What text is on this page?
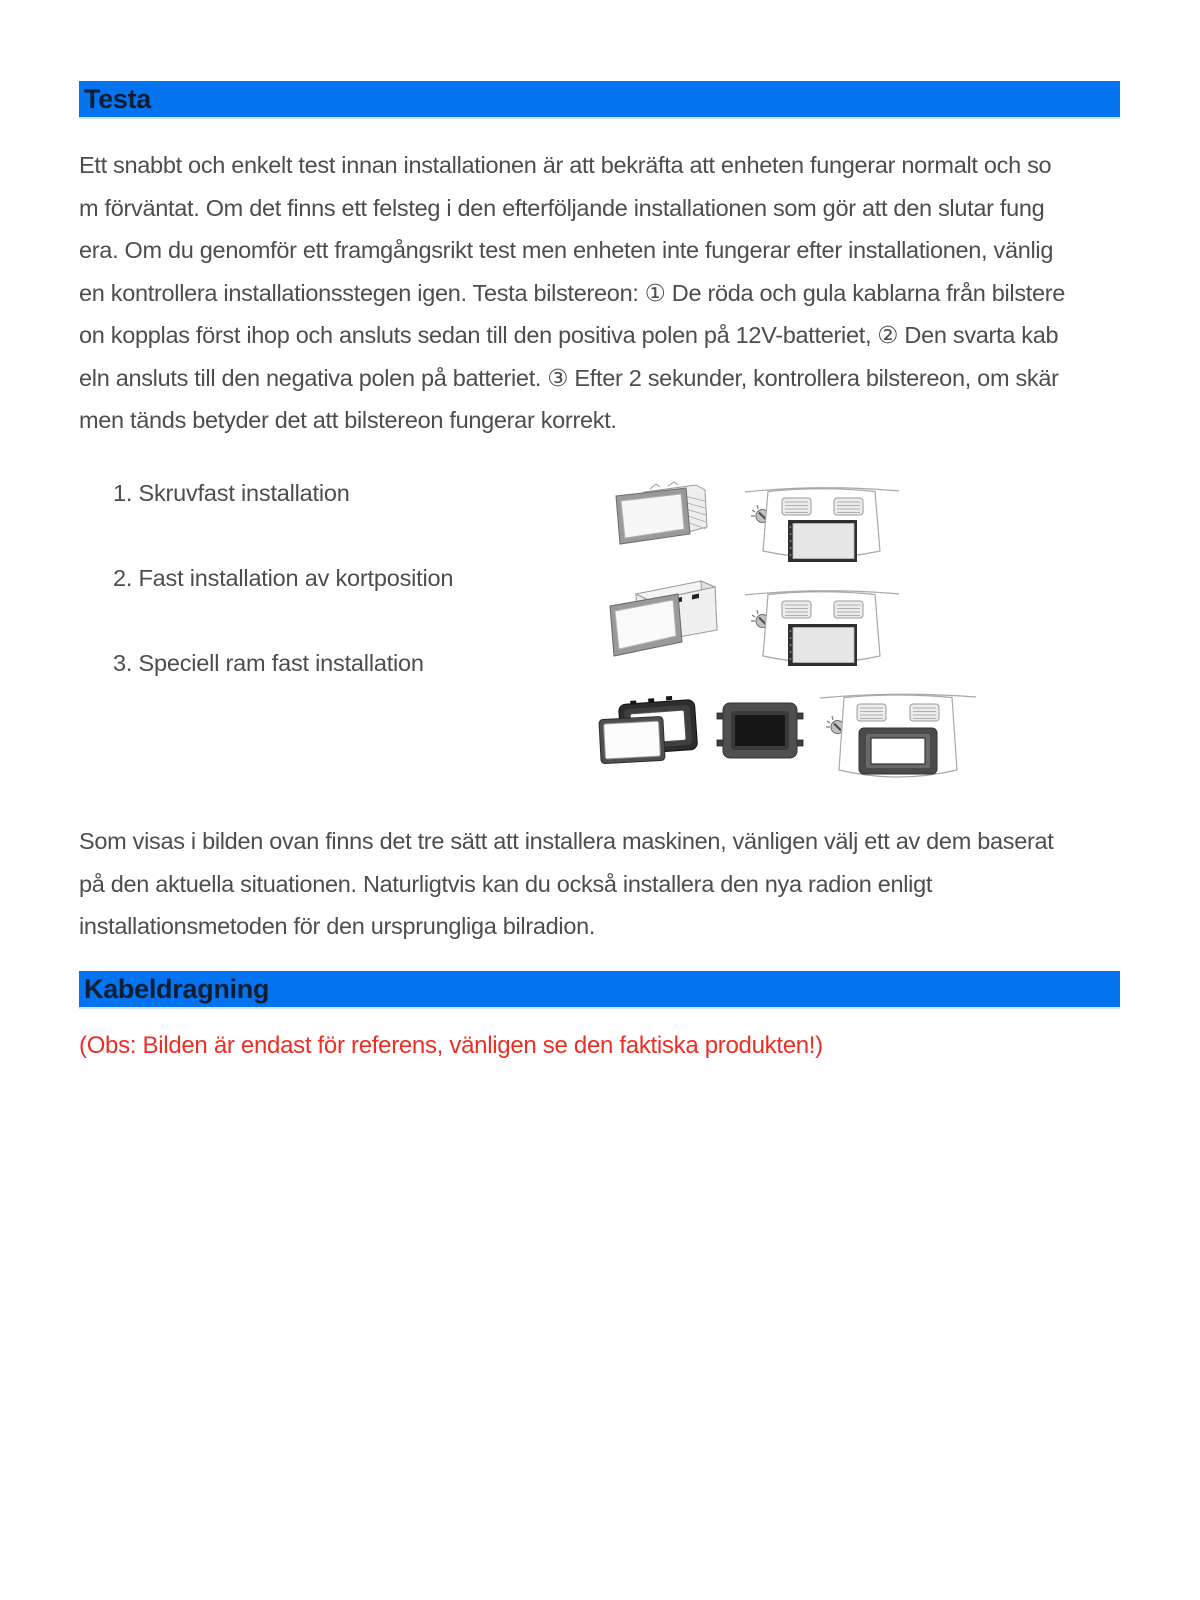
Testa
Ett snabbt och enkelt test innan installationen är att bekräfta att enheten fungerar normalt och so
m förväntat. Om det finns ett felsteg i den efterföljande installationen som gör att den slutar fung
era. Om du genomför ett framgångsrikt test men enheten inte fungerar efter installationen, vänlig
en kontrollera installationsstegen igen. Testa bilstereon: ① De röda och gula kablarna från bilstere
on kopplas först ihop och ansluts sedan till den positiva polen på 12V-batteriet, ② Den svarta kab
eln ansluts till den negativa polen på batteriet. ③ Efter 2 sekunder, kontrollera bilstereon, om skär
men tänds betyder det att bilstereon fungerar korrekt.
1. Skruvfast installation
2. Fast installation av kortposition
3. Speciell ram fast installation
Som visas i bilden ovan finns det tre sätt att installera maskinen, vänligen välj ett av dem baserat
på den aktuella situationen. Naturligtvis kan du också installera den nya radion enligt
installationsmetoden för den ursprungliga bilradion.
Kabeldragning
(Obs: Bilden är endast för referens, vänligen se den faktiska produkten!)
